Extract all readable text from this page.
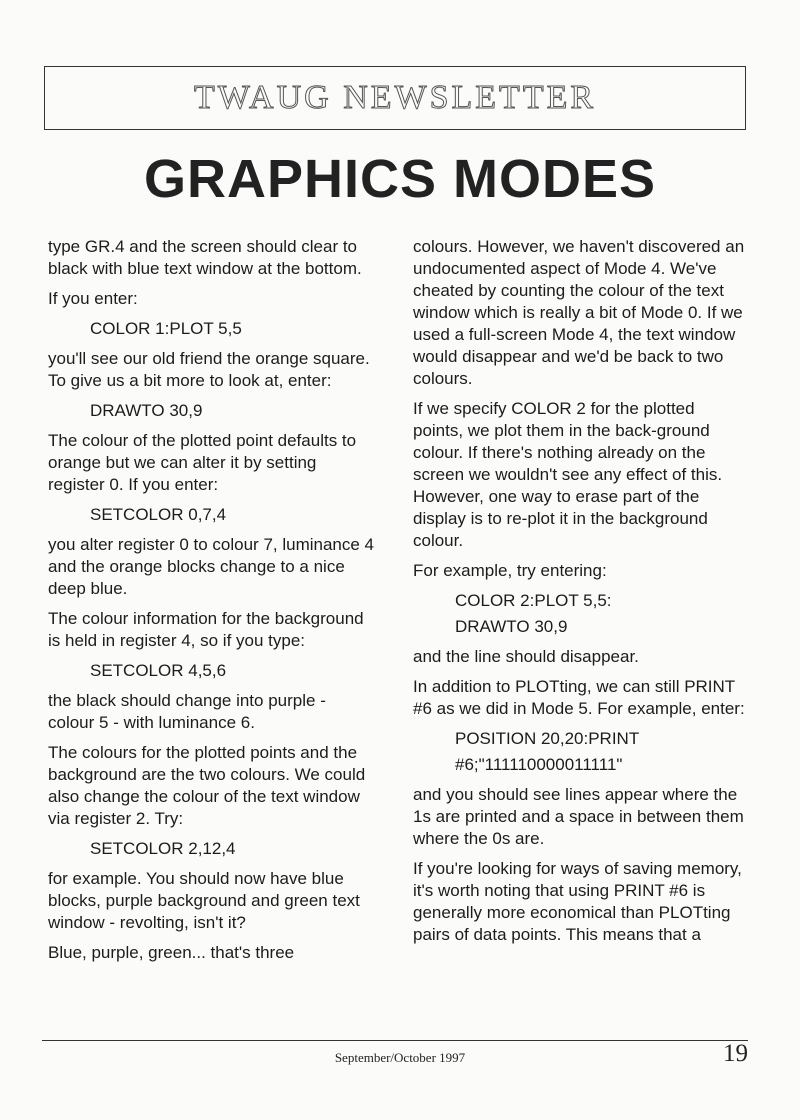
TWAUG NEWSLETTER
GRAPHICS MODES

type GR.4 and the screen should clear to black with blue text window at the bottom.

If you enter:

COLOR 1:PLOT 5,5

you'll see our old friend the orange square. To give us a bit more to look at, enter:

DRAWTO 30,9

The colour of the plotted point defaults to orange but we can alter it by setting register 0. If you enter:

SETCOLOR 0,7,4

you alter register 0 to colour 7, luminance 4 and the orange blocks change to a nice deep blue.

The colour information for the background is held in register 4, so if you type:

SETCOLOR 4,5,6

the black should change into purple - colour 5 - with luminance 6.

The colours for the plotted points and the background are the two colours. We could also change the colour of the text window via register 2. Try:

SETCOLOR 2,12,4

for example. You should now have blue blocks, purple background and green text window - revolting, isn't it?

Blue, purple, green... that's three

colours. However, we haven't discovered an undocumented aspect of Mode 4. We've cheated by counting the colour of the text window which is really a bit of Mode 0. If we used a full-screen Mode 4, the text window would disappear and we'd be back to two colours.

If we specify COLOR 2 for the plotted points, we plot them in the back-ground colour. If there's nothing already on the screen we wouldn't see any effect of this. However, one way to erase part of the display is to re-plot it in the background colour.

For example, try entering:

COLOR 2:PLOT 5,5:
DRAWTO 30,9

and the line should disappear.

In addition to PLOTting, we can still PRINT #6 as we did in Mode 5. For example, enter:

POSITION 20,20:PRINT
#6;"111110000011111"

and you should see lines appear where the 1s are printed and a space in between them where the 0s are.

If you're looking for ways of saving memory, it's worth noting that using PRINT #6 is generally more economical than PLOTting pairs of data points. This means that a

September/October 1997	19
